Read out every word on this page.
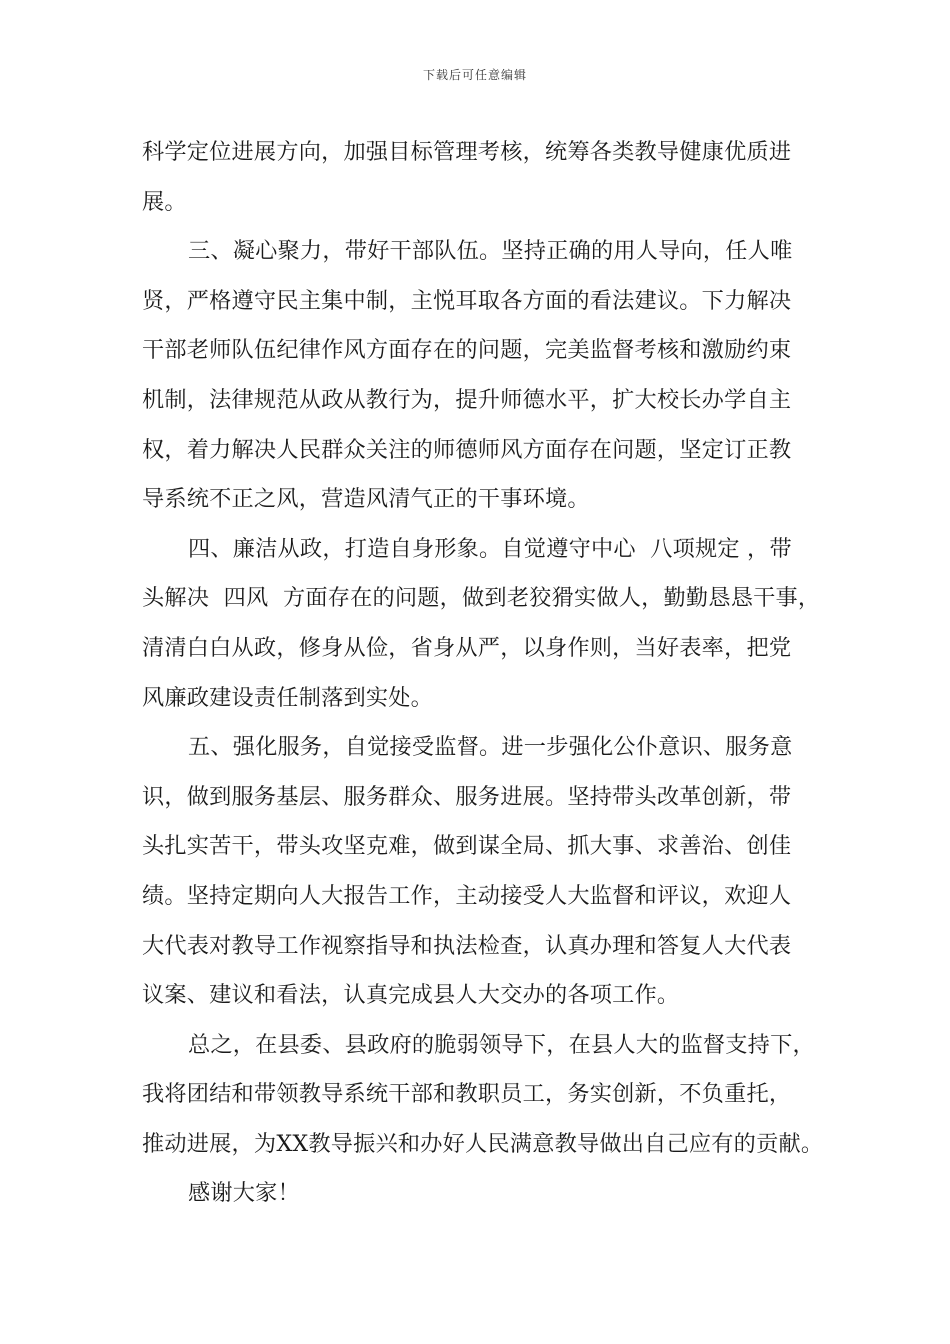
下载后可任意编辑
科学定位进展方向，加强目标管理考核，统筹各类教导健康优质进
展。
三、凝心聚力，带好干部队伍。坚持正确的用人导向，任人唯
贤，严格遵守民主集中制，主悦耳取各方面的看法建议。下力解决
干部老师队伍纪律作风方面存在的问题，完美监督考核和激励约束
机制，法律规范从政从教行为，提升师德水平，扩大校长办学自主
权，着力解决人民群众关注的师德师风方面存在问题，坚定订正教
导系统不正之风，营造风清气正的干事环境。
四、廉洁从政，打造自身形象。自觉遵守中心  八项规定 ，带
头解决  四风  方面存在的问题，做到老狡猾实做人，勤勤恳恳干事，
清清白白从政，修身从俭，省身从严，以身作则，当好表率，把党
风廉政建设责任制落到实处。
五、强化服务，自觉接受监督。进一步强化公仆意识、服务意
识，做到服务基层、服务群众、服务进展。坚持带头改革创新，带
头扎实苦干，带头攻坚克难，做到谋全局、抓大事、求善治、创佳
绩。坚持定期向人大报告工作，主动接受人大监督和评议，欢迎人
大代表对教导工作视察指导和执法检查，认真办理和答复人大代表
议案、建议和看法，认真完成县人大交办的各项工作。
总之，在县委、县政府的脆弱领导下，在县人大的监督支持下，
我将团结和带领教导系统干部和教职员工，务实创新，不负重托，
推动进展，为XX教导振兴和办好人民满意教导做出自己应有的贡献。
感谢大家！
